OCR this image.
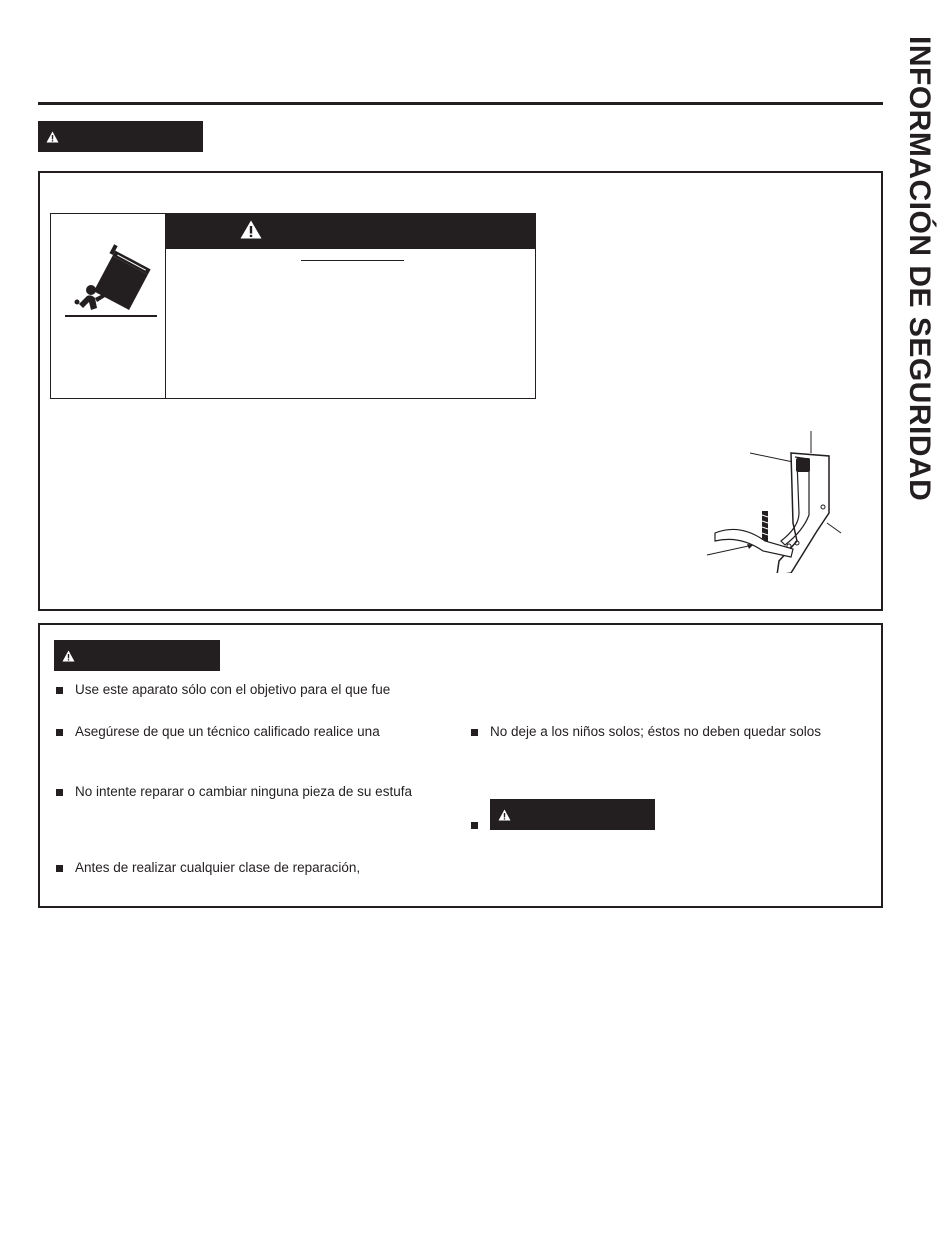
INFORMACIÓN DE SEGURIDAD
Use este aparato sólo con el objetivo para el que fue
Asegúrese de que un técnico calificado realice una
No intente reparar o cambiar ninguna pieza de su estufa
Antes de realizar cualquier clase de reparación,
No deje a los niños solos; éstos no deben quedar solos
